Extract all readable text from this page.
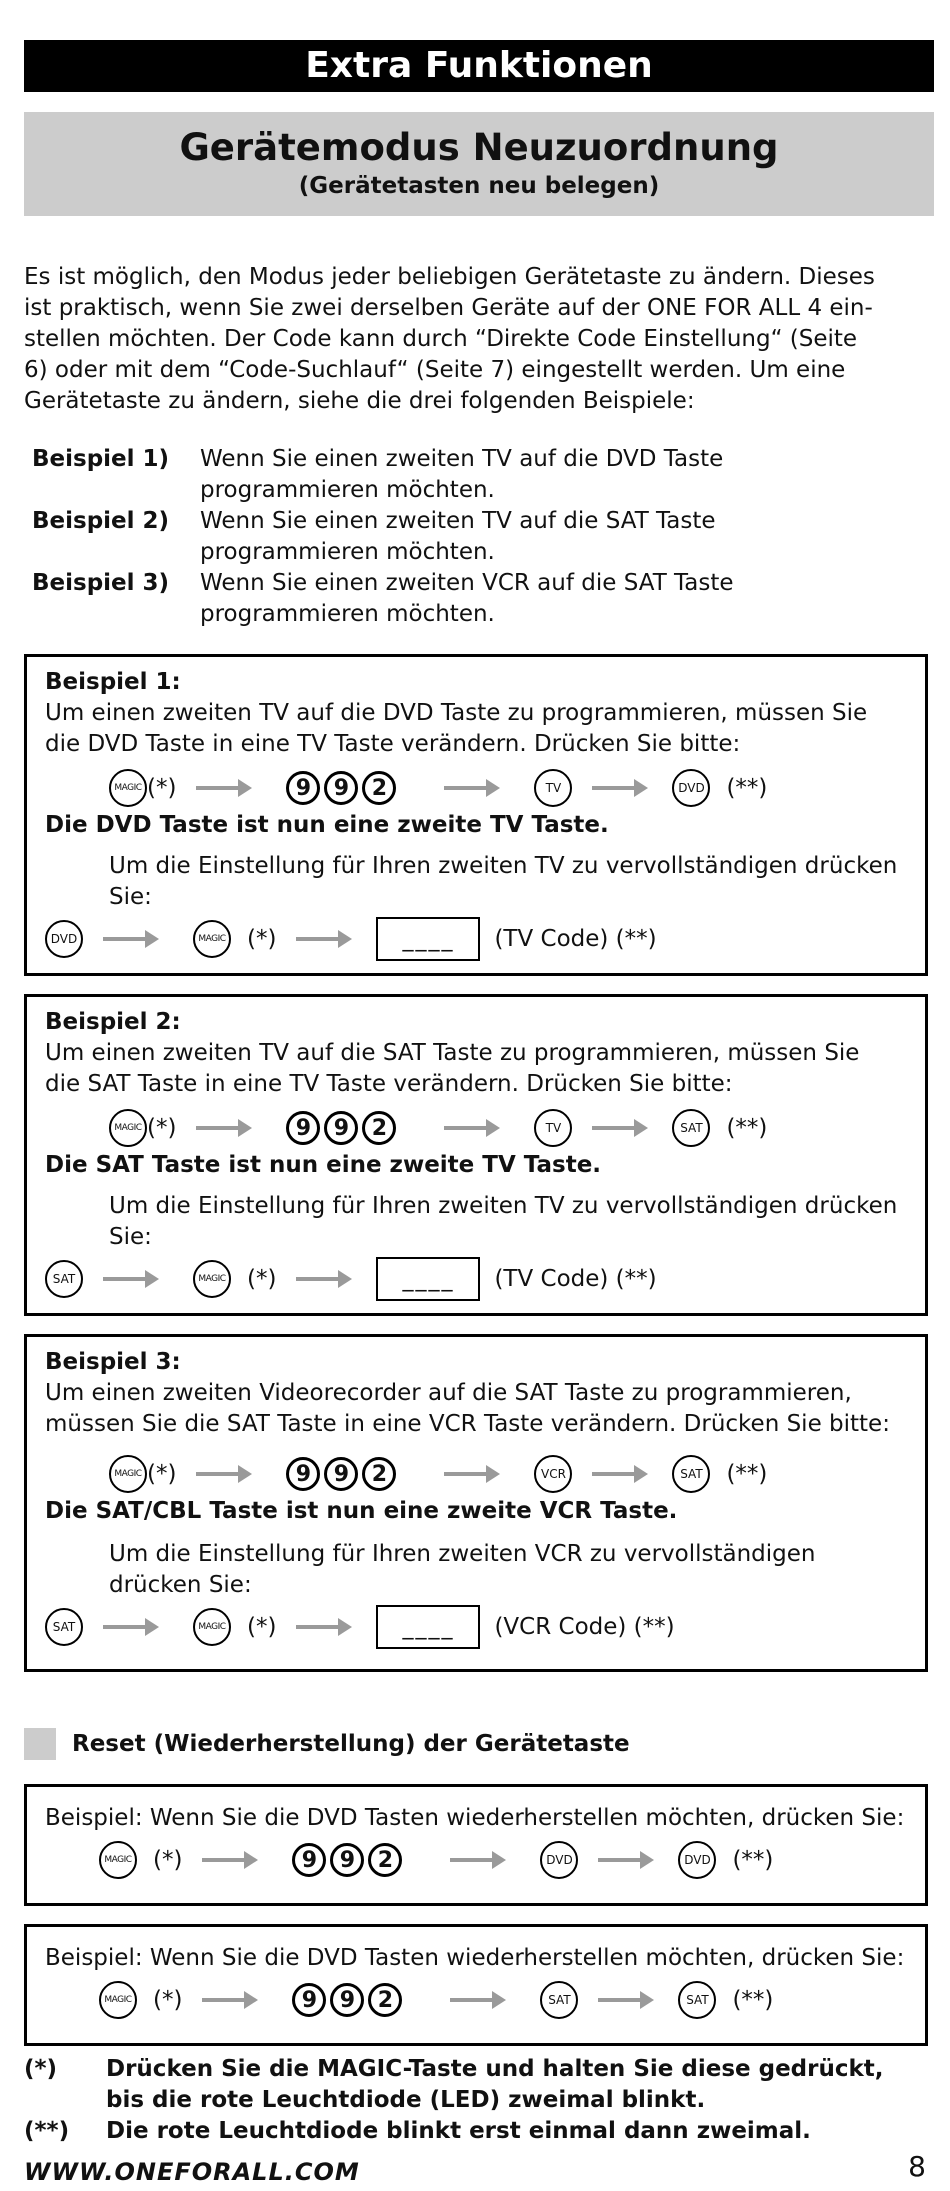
Extra Funktionen
Gerätemodus Neuzuordnung
(Gerätetasten neu belegen)
Es ist möglich, den Modus jeder beliebigen Gerätetaste zu ändern. Dieses
ist praktisch, wenn Sie zwei derselben Geräte auf der ONE FOR ALL 4 ein-
stellen möchten. Der Code kann durch “Direkte Code Einstellung“ (Seite
6) oder mit dem “Code-Suchlauf“ (Seite 7) eingestellt werden. Um eine
Gerätetaste zu ändern, siehe die drei folgenden Beispiele:
Beispiel 1)	Wenn Sie einen zweiten TV auf die DVD Taste
programmieren möchten.
Beispiel 2)	Wenn Sie einen zweiten TV auf die SAT Taste
programmieren möchten.
Beispiel 3)	Wenn Sie einen zweiten VCR auf die SAT Taste
programmieren möchten.
Beispiel 1:
Um einen zweiten TV auf die DVD Taste zu programmieren, müssen Sie
die DVD Taste in eine TV Taste verändern. Drücken Sie bitte:
MAGIC (*)	9	9	2	TV	DVD (**)
Die DVD Taste ist nun eine zweite TV Taste.
Um die Einstellung für Ihren zweiten TV zu vervollständigen drücken Sie:
DVD	MAGIC (*)	____	(TV Code) (**)
Beispiel 2:
Um einen zweiten TV auf die SAT Taste zu programmieren, müssen Sie
die SAT Taste in eine TV Taste verändern. Drücken Sie bitte:
MAGIC (*)	9	9	2	TV	SAT	(**)
Die SAT Taste ist nun eine zweite TV Taste.
Um die Einstellung für Ihren zweiten TV zu vervollständigen drücken Sie:
SAT	MAGIC (*)	____	(TV Code) (**)
Beispiel 3:
Um einen zweiten Videorecorder auf die SAT Taste zu programmieren,
müssen Sie die SAT Taste in eine VCR Taste verändern. Drücken Sie bitte:
MAGIC (*)	9	9	2	VCR	SAT	(**)
Die SAT/CBL Taste ist nun eine zweite VCR Taste.
Um die Einstellung für Ihren zweiten VCR zu vervollständigen drücken Sie:
SAT	MAGIC (*)	____	(VCR Code) (**)
Reset (Wiederherstellung) der Gerätetaste
Beispiel: Wenn Sie die DVD Tasten wiederherstellen möchten, drücken Sie:
MAGIC (*)	9	9	2	DVD	DVD (**)
Beispiel: Wenn Sie die DVD Tasten wiederherstellen möchten, drücken Sie:
MAGIC (*)	9	9	2	SAT	SAT	(**)
(*)	Drücken Sie die MAGIC-Taste und halten Sie diese gedrückt,
bis die rote Leuchtdiode (LED) zweimal blinkt.
(**)	Die rote Leuchtdiode blinkt erst einmal dann zweimal.
WWW.ONEFORALL.COM	8
